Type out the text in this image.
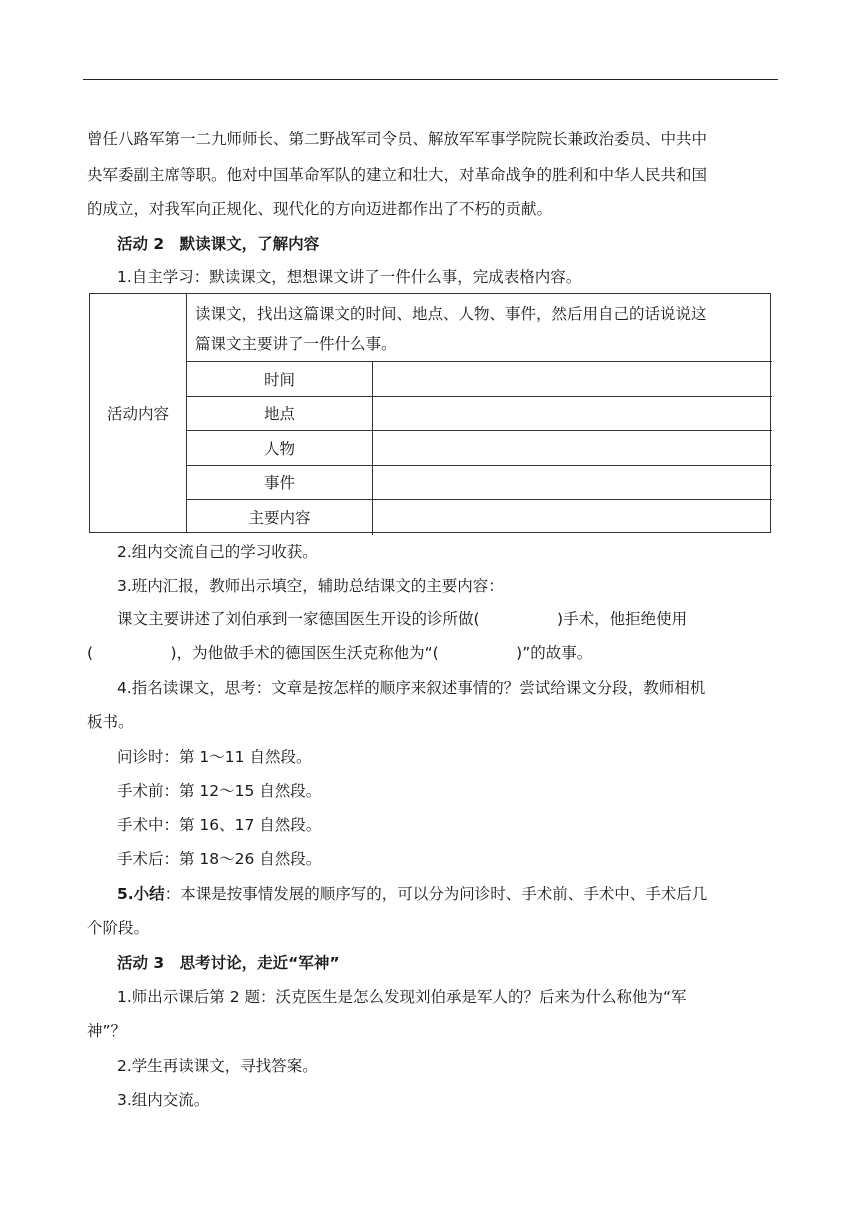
曾任八路军第一二九师师长、第二野战军司令员、解放军军事学院院长兼政治委员、中共中
央军委副主席等职。他对中国革命军队的建立和壮大，对革命战争的胜利和中华人民共和国
的成立，对我军向正规化、现代化的方向迈进都作出了不朽的贡献。
活动 2　默读课文，了解内容
1.自主学习：默读课文，想想课文讲了一件什么事，完成表格内容。
活动内容
读课文，找出这篇课文的时间、地点、人物、事件，然后用自己的话说说这
篇课文主要讲了一件什么事。
时间
地点
人物
事件
主要内容
2.组内交流自己的学习收获。
3.班内汇报，教师出示填空，辅助总结课文的主要内容：
课文主要讲述了刘伯承到一家德国医生开设的诊所做(　　　　　)手术，他拒绝使用
(　　　　　)，为他做手术的德国医生沃克称他为“(　　　　　)”的故事。
4.指名读课文，思考：文章是按怎样的顺序来叙述事情的？尝试给课文分段，教师相机
板书。
问诊时：第 1～11 自然段。
手术前：第 12～15 自然段。
手术中：第 16、17 自然段。
手术后：第 18～26 自然段。
5.小结：本课是按事情发展的顺序写的，可以分为问诊时、手术前、手术中、手术后几
个阶段。
活动 3　思考讨论，走近“军神”
1.师出示课后第 2 题：沃克医生是怎么发现刘伯承是军人的？后来为什么称他为“军
神”？
2.学生再读课文，寻找答案。
3.组内交流。
